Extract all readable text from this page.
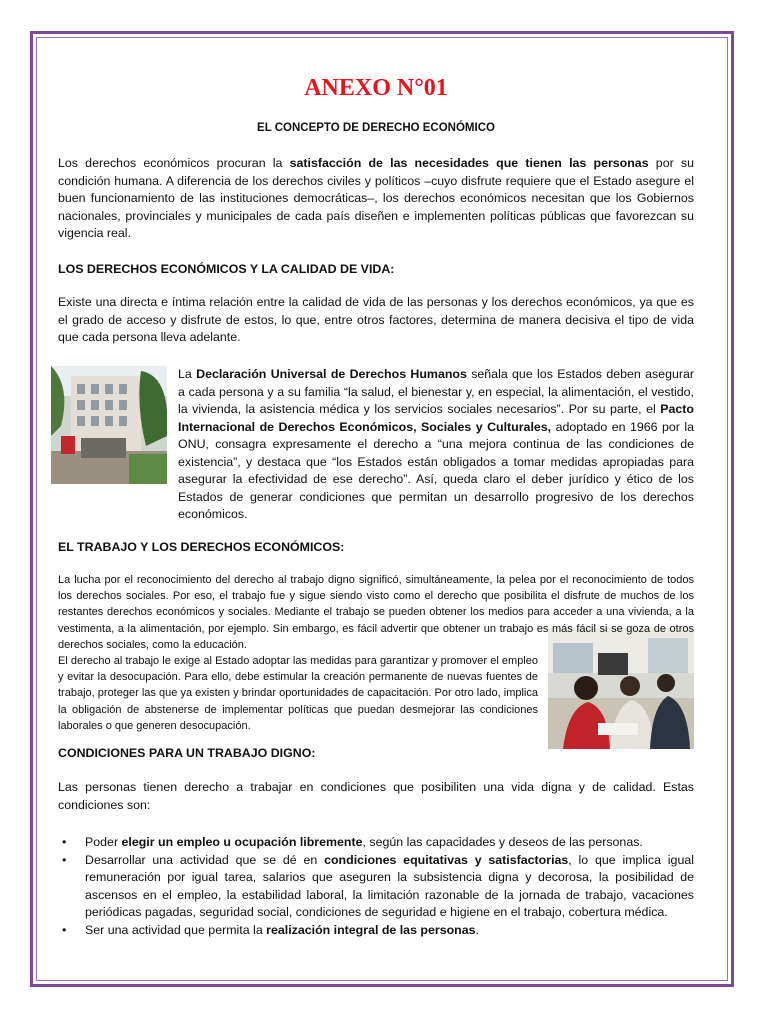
ANEXO N°01
EL CONCEPTO DE DERECHO ECONÓMICO
Los derechos económicos procuran la satisfacción de las necesidades que tienen las personas por su condición humana. A diferencia de los derechos civiles y políticos –cuyo disfrute requiere que el Estado asegure el buen funcionamiento de las instituciones democráticas–, los derechos económicos necesitan que los Gobiernos nacionales, provinciales y municipales de cada país diseñen e implementen políticas públicas que favorezcan su vigencia real.
LOS DERECHOS ECONÓMICOS Y LA CALIDAD DE VIDA:
Existe una directa e íntima relación entre la calidad de vida de las personas y los derechos económicos, ya que es el grado de acceso y disfrute de estos, lo que, entre otros factores, determina de manera decisiva el tipo de vida que cada persona lleva adelante.
La Declaración Universal de Derechos Humanos señala que los Estados deben asegurar a cada persona y a su familia “la salud, el bienestar y, en especial, la alimentación, el vestido, la vivienda, la asistencia médica y los servicios sociales necesarios”. Por su parte, el Pacto Internacional de Derechos Económicos, Sociales y Culturales, adoptado en 1966 por la ONU, consagra expresamente el derecho a “una mejora continua de las condiciones de existencia”, y destaca que “los Estados están obligados a tomar medidas apropiadas para asegurar la efectividad de ese derecho”. Así, queda claro el deber jurídico y ético de los Estados de generar condiciones que permitan un desarrollo progresivo de los derechos económicos.
EL TRABAJO Y LOS DERECHOS ECONÓMICOS:
La lucha por el reconocimiento del derecho al trabajo digno significó, simultáneamente, la pelea por el reconocimiento de todos los derechos sociales. Por eso, el trabajo fue y sigue siendo visto como el derecho que posibilita el disfrute de muchos de los restantes derechos económicos y sociales. Mediante el trabajo se pueden obtener los medios para acceder a una vivienda, a la vestimenta, a la alimentación, por ejemplo. Sin embargo, es fácil advertir que obtener un trabajo es más fácil si se goza de otros derechos sociales, como la educación.
El derecho al trabajo le exige al Estado adoptar las medidas para garantizar y promover el empleo y evitar la desocupación. Para ello, debe estimular la creación permanente de nuevas fuentes de trabajo, proteger las que ya existen y brindar oportunidades de capacitación. Por otro lado, implica la obligación de abstenerse de implementar políticas que puedan desmejorar las condiciones laborales o que generen desocupación.
CONDICIONES PARA UN TRABAJO DIGNO:
Las personas tienen derecho a trabajar en condiciones que posibiliten una vida digna y de calidad. Estas condiciones son:
• Poder elegir un empleo u ocupación libremente, según las capacidades y deseos de las personas.
• Desarrollar una actividad que se dé en condiciones equitativas y satisfactorias, lo que implica igual remuneración por igual tarea, salarios que aseguren la subsistencia digna y decorosa, la posibilidad de ascensos en el empleo, la estabilidad laboral, la limitación razonable de la jornada de trabajo, vacaciones periódicas pagadas, seguridad social, condiciones de seguridad e higiene en el trabajo, cobertura médica.
• Ser una actividad que permita la realización integral de las personas.
